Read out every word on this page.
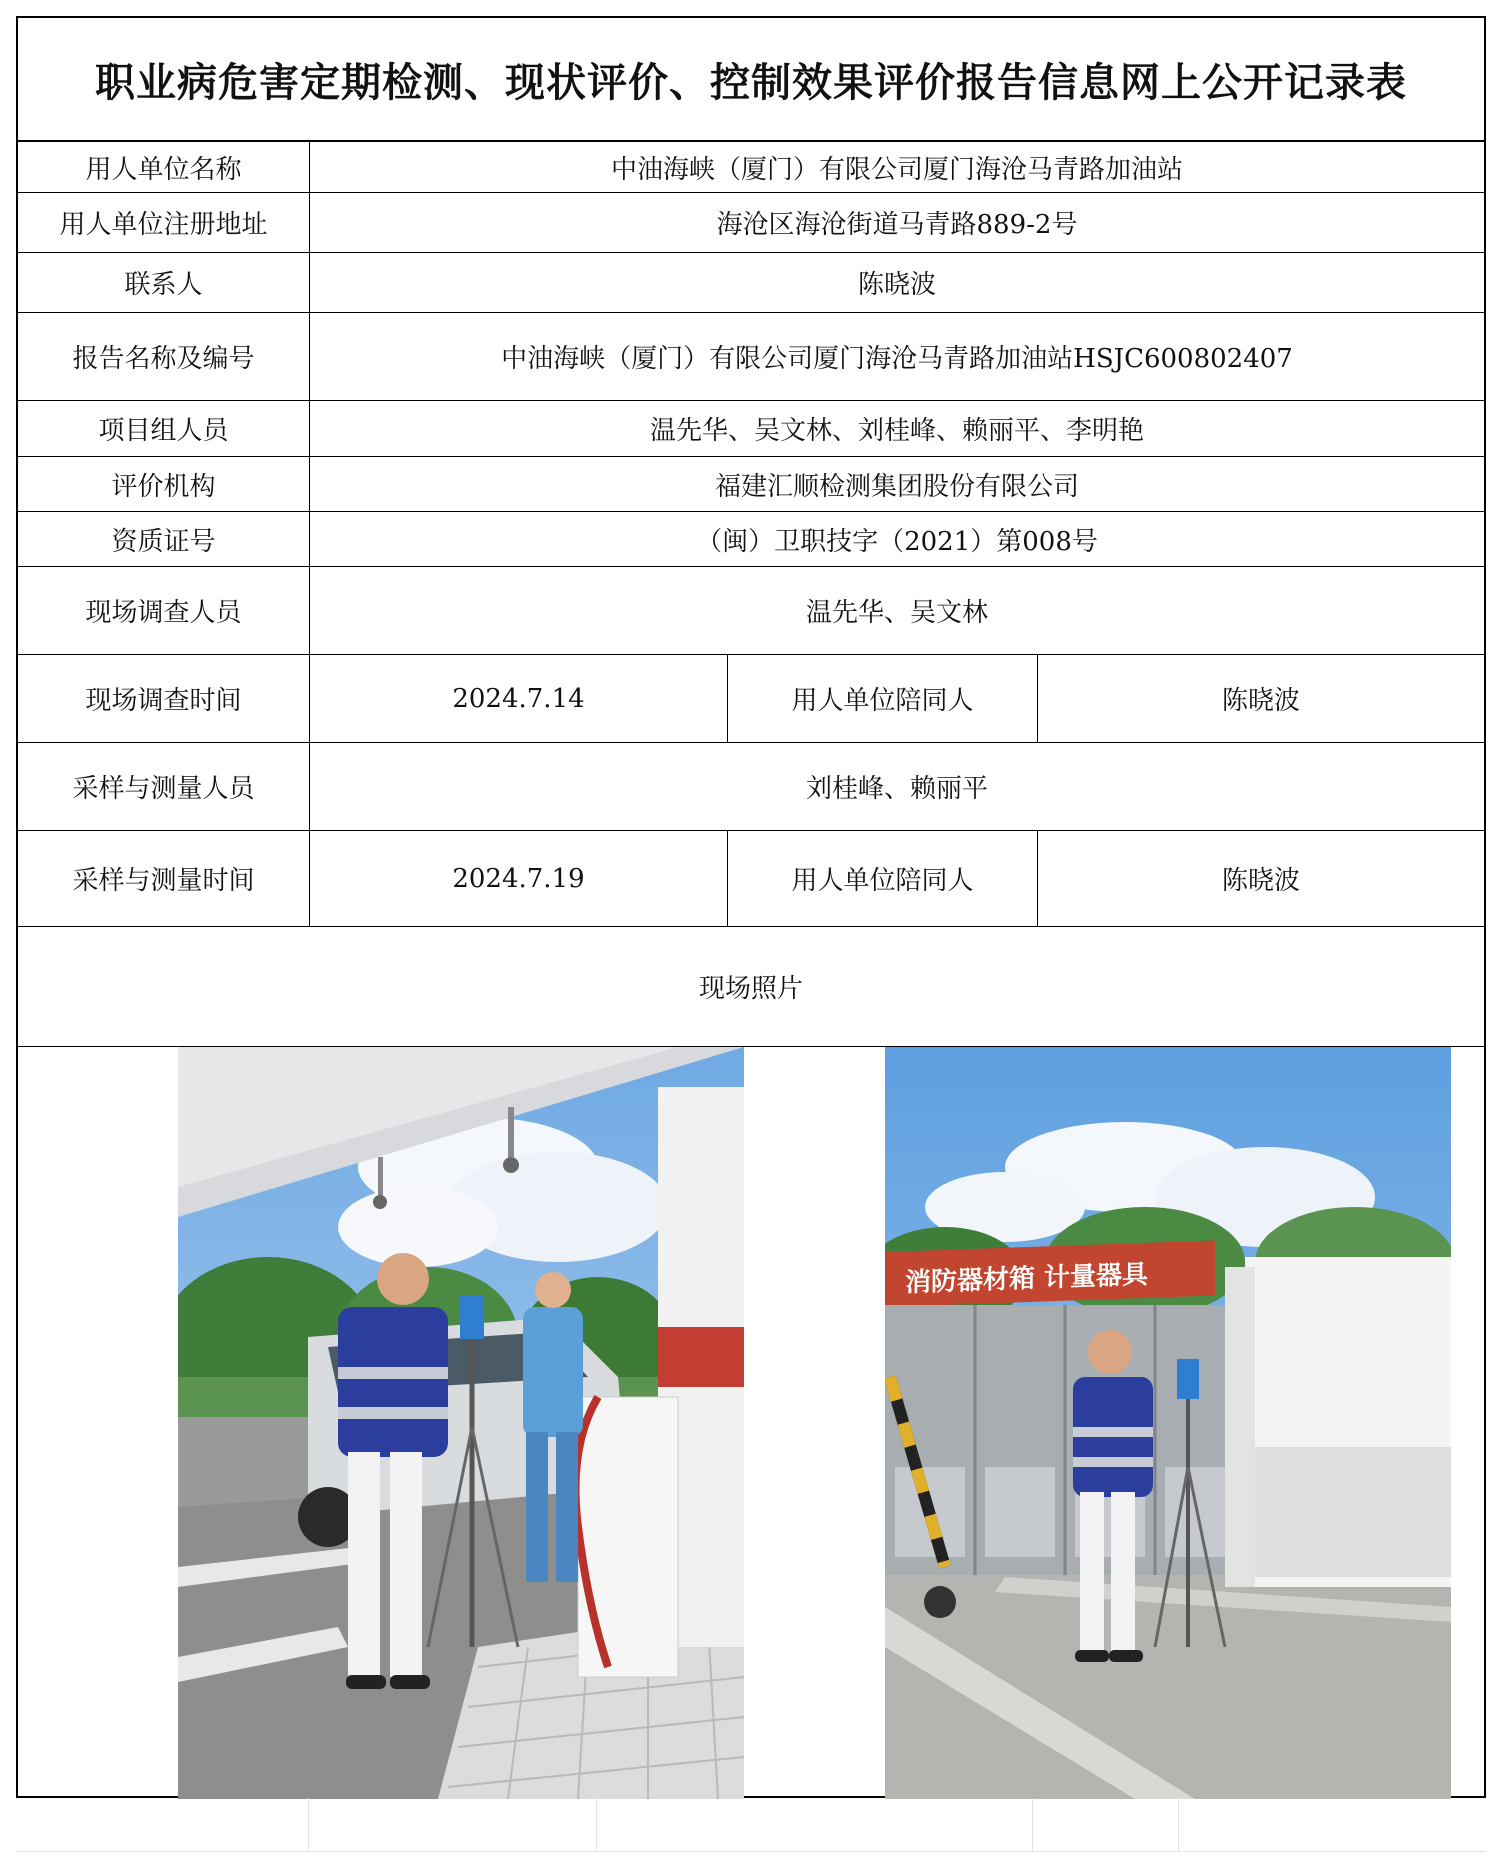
职业病危害定期检测、现状评价、控制效果评价报告信息网上公开记录表
用人单位名称	中油海峡（厦门）有限公司厦门海沧马青路加油站
用人单位注册地址	海沧区海沧街道马青路889-2号
联系人	陈晓波
报告名称及编号	中油海峡（厦门）有限公司厦门海沧马青路加油站HSJC600802407
项目组人员	温先华、吴文林、刘桂峰、赖丽平、李明艳
评价机构	福建汇顺检测集团股份有限公司
资质证号	（闽）卫职技字（2021）第008号
现场调查人员	温先华、吴文林
现场调查时间	2024.7.14	用人单位陪同人	陈晓波
采样与测量人员	刘桂峰、赖丽平
采样与测量时间	2024.7.19	用人单位陪同人	陈晓波
现场照片
消防器材箱 计量器具
